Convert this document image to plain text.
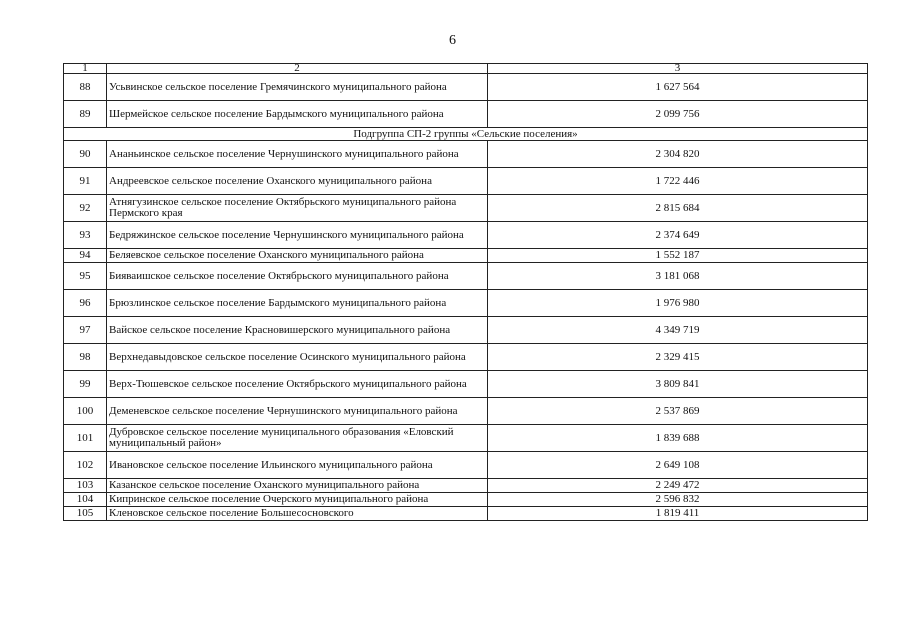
6
1	2	3
88	Усьвинское сельское поселение Гремячинского муниципального района	1 627 564
89	Шермейское сельское поселение Бардымского муниципального района	2 099 756
Подгруппа СП-2 группы «Сельские поселения»		
90	Ананьинское сельское поселение Чернушинского муниципального района	2 304 820
91	Андреевское сельское поселение Оханского муниципального района	1 722 446
92	Атнягузинское сельское поселение Октябрьского муниципального района Пермского края	2 815 684
93	Бедряжинское сельское поселение Чернушинского муниципального района	2 374 649
94	Беляевское сельское поселение Оханского муниципального района	1 552 187
95	Бияваишское сельское поселение Октябрьского муниципального района	3 181 068
96	Брюзлинское сельское поселение Бардымского муниципального района	1 976 980
97	Вайское сельское поселение Красновишерского муниципального района	4 349 719
98	Верхнедавыдовское сельское поселение Осинского муниципального района	2 329 415
99	Верх-Тюшевское сельское поселение Октябрьского муниципального района	3 809 841
100	Деменевское сельское поселение Чернушинского муниципального района	2 537 869
101	Дубровское сельское поселение муниципального образования «Еловский муниципальный район»	1 839 688
102	Ивановское сельское поселение Ильинского муниципального района	2 649 108
103	Казанское сельское поселение Оханского муниципального района	2 249 472
104	Кипринское сельское поселение Очерского муниципального района	2 596 832
105	Кленовское сельское поселение Большесосновского	1 819 411
